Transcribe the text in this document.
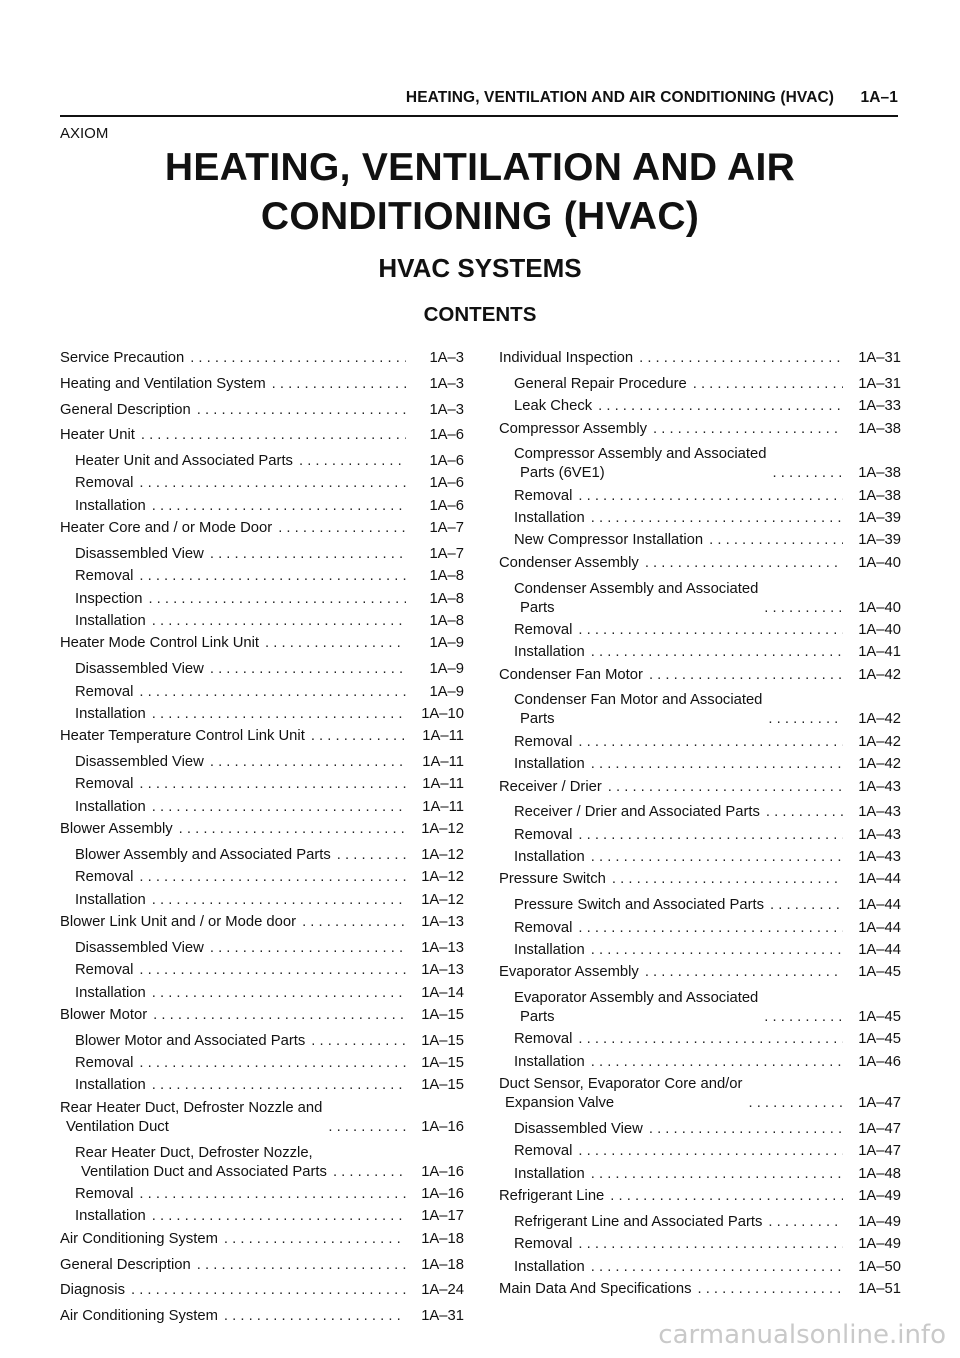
HEATING, VENTILATION AND AIR CONDITIONING (HVAC) 1A–1
AXIOM
HEATING, VENTILATION AND AIR
CONDITIONING (HVAC)
HVAC SYSTEMS
CONTENTS
Service Precaution . . .	1A–3
Heating and Ventilation System . . .	1A–3
General Description . . .	1A–3
Heater Unit . . .	1A–6
Heater Unit and Associated Parts . . .	1A–6
Removal . . .	1A–6
Installation . . .	1A–6
Heater Core and / or Mode Door . . .	1A–7
Disassembled View . . .	1A–7
Removal . . .	1A–8
Inspection . . .	1A–8
Installation . . .	1A–8
Heater Mode Control Link Unit . . .	1A–9
Disassembled View . . .	1A–9
Removal . . .	1A–9
Installation . . .	1A–10
Heater Temperature Control Link Unit . . .	1A–11
Disassembled View . . .	1A–11
Removal . . .	1A–11
Installation . . .	1A–11
Blower Assembly . . .	1A–12
Blower Assembly and Associated Parts . . .	1A–12
Removal . . .	1A–12
Installation . . .	1A–12
Blower Link Unit and / or Mode door . . .	1A–13
Disassembled View . . .	1A–13
Removal . . .	1A–13
Installation . . .	1A–14
Blower Motor . . .	1A–15
Blower Motor and Associated Parts . . .	1A–15
Removal . . .	1A–15
Installation . . .	1A–15
Rear Heater Duct, Defroster Nozzle and
Ventilation Duct . . .	1A–16
Rear Heater Duct, Defroster Nozzle,
Ventilation Duct and Associated Parts . . .	1A–16
Removal . . .	1A–16
Installation . . .	1A–17
Air Conditioning System . . .	1A–18
General Description . . .	1A–18
Diagnosis . . .	1A–24
Air Conditioning System . . .	1A–31
Individual Inspection . . .	1A–31
General Repair Procedure . . .	1A–31
Leak Check . . .	1A–33
Compressor Assembly . . .	1A–38
Compressor Assembly and Associated
Parts (6VE1) . . .	1A–38
Removal . . .	1A–38
Installation . . .	1A–39
New Compressor Installation . . .	1A–39
Condenser Assembly . . .	1A–40
Condenser Assembly and Associated
Parts . . .	1A–40
Removal . . .	1A–40
Installation . . .	1A–41
Condenser Fan Motor . . .	1A–42
Condenser Fan Motor and Associated
Parts . . .	1A–42
Removal . . .	1A–42
Installation . . .	1A–42
Receiver / Drier . . .	1A–43
Receiver / Drier and Associated Parts . . .	1A–43
Removal . . .	1A–43
Installation . . .	1A–43
Pressure Switch . . .	1A–44
Pressure Switch and Associated Parts . . .	1A–44
Removal . . .	1A–44
Installation . . .	1A–44
Evaporator Assembly . . .	1A–45
Evaporator Assembly and Associated
Parts . . .	1A–45
Removal . . .	1A–45
Installation . . .	1A–46
Duct Sensor, Evaporator Core and/or
Expansion Valve . . .	1A–47
Disassembled View . . .	1A–47
Removal . . .	1A–47
Installation . . .	1A–48
Refrigerant Line . . .	1A–49
Refrigerant Line and Associated Parts . . .	1A–49
Removal . . .	1A–49
Installation . . .	1A–50
Main Data And Specifications . . .	1A–51
carmanualsonline.info
